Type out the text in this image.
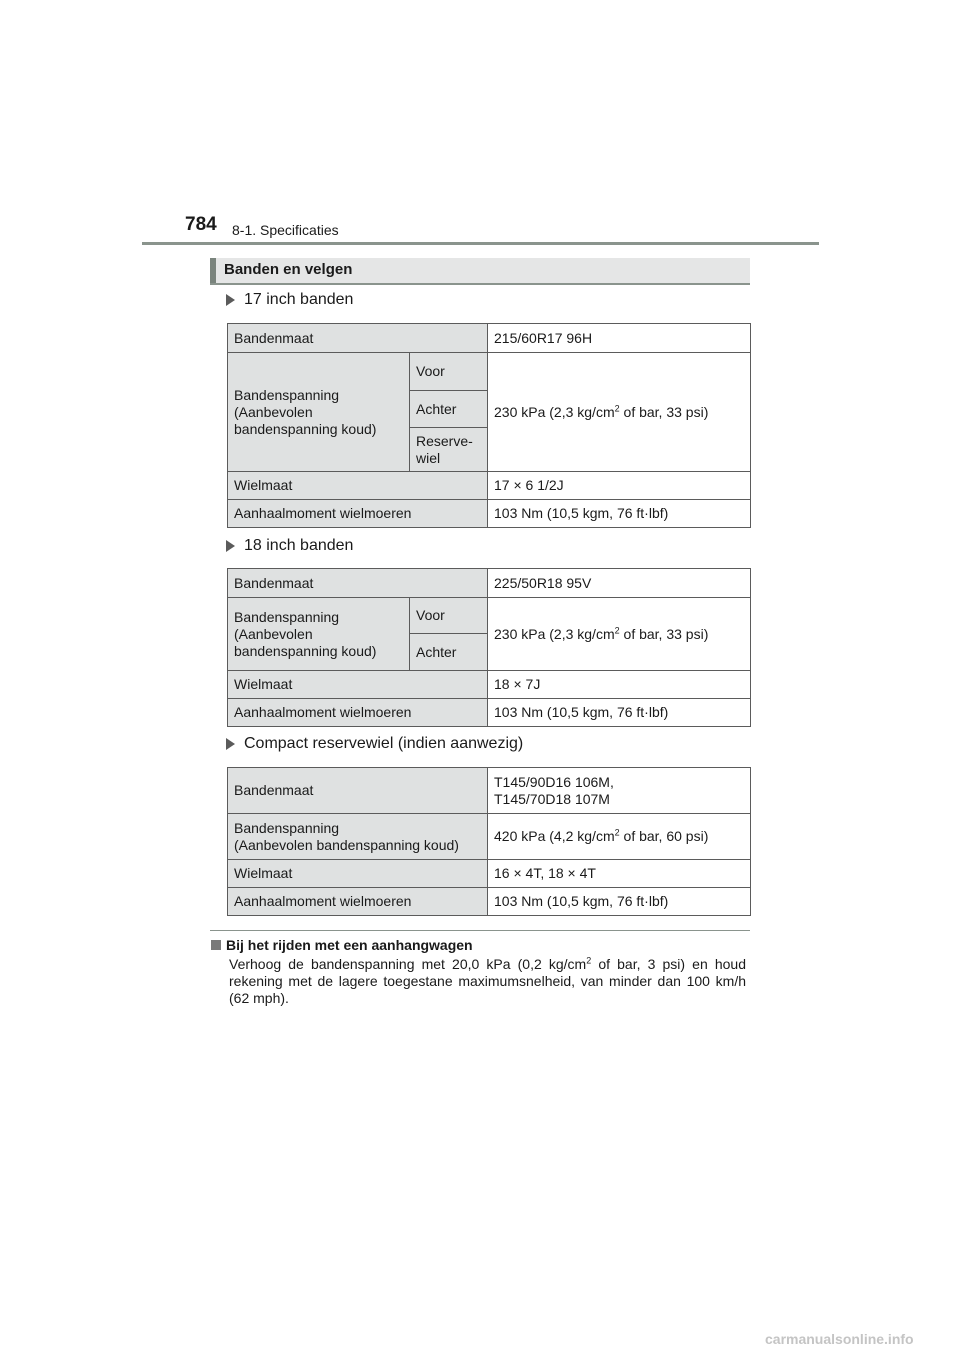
784 8-1. Specificaties
Banden en velgen
17 inch banden
Bandenmaat		215/60R17 96H
Bandenspanning (Aanbevolen bandenspanning koud)	Voor	230 kPa (2,3 $kg/cm^2$ of bar, 33 psi)
	Achter	
	Reserve-wiel	
Wielmaat		17 × 6 1/2J
Aanhaalmoment wielmoeren		103 Nm (10,5 kgm, 76 ft·lbf)
18 inch banden
Bandenmaat		225/50R18 95V
Bandenspanning (Aanbevolen bandenspanning koud)	Voor	230 kPa (2,3 $kg/cm^2$ of bar, 33 psi)
	Achter	
Wielmaat		18 × 7J
Aanhaalmoment wielmoeren		103 Nm (10,5 kgm, 76 ft·lbf)
Compact reservewiel (indien aanwezig)
Bandenmaat	T145/90D16 106M,
T145/70D18 107M

Bandenspanning
(Aanbevolen bandenspanning koud)	420 kPa (4,2 $kg/cm^2$ of bar, 60 psi)
Wielmaat	16 × 4T, 18 × 4T
Aanhaalmoment wielmoeren	103 Nm (10,5 kgm, 76 ft·lbf)
Bij het rijden met een aanhangwagen
Verhoog de bandenspanning met 20,0 kPa (0,2 $kg/cm^2$ of bar, 3 psi) en houd rekening met de lagere toegestane maximumsnelheid, van minder dan 100 km/h (62 mph).
carmanualsonline.info
